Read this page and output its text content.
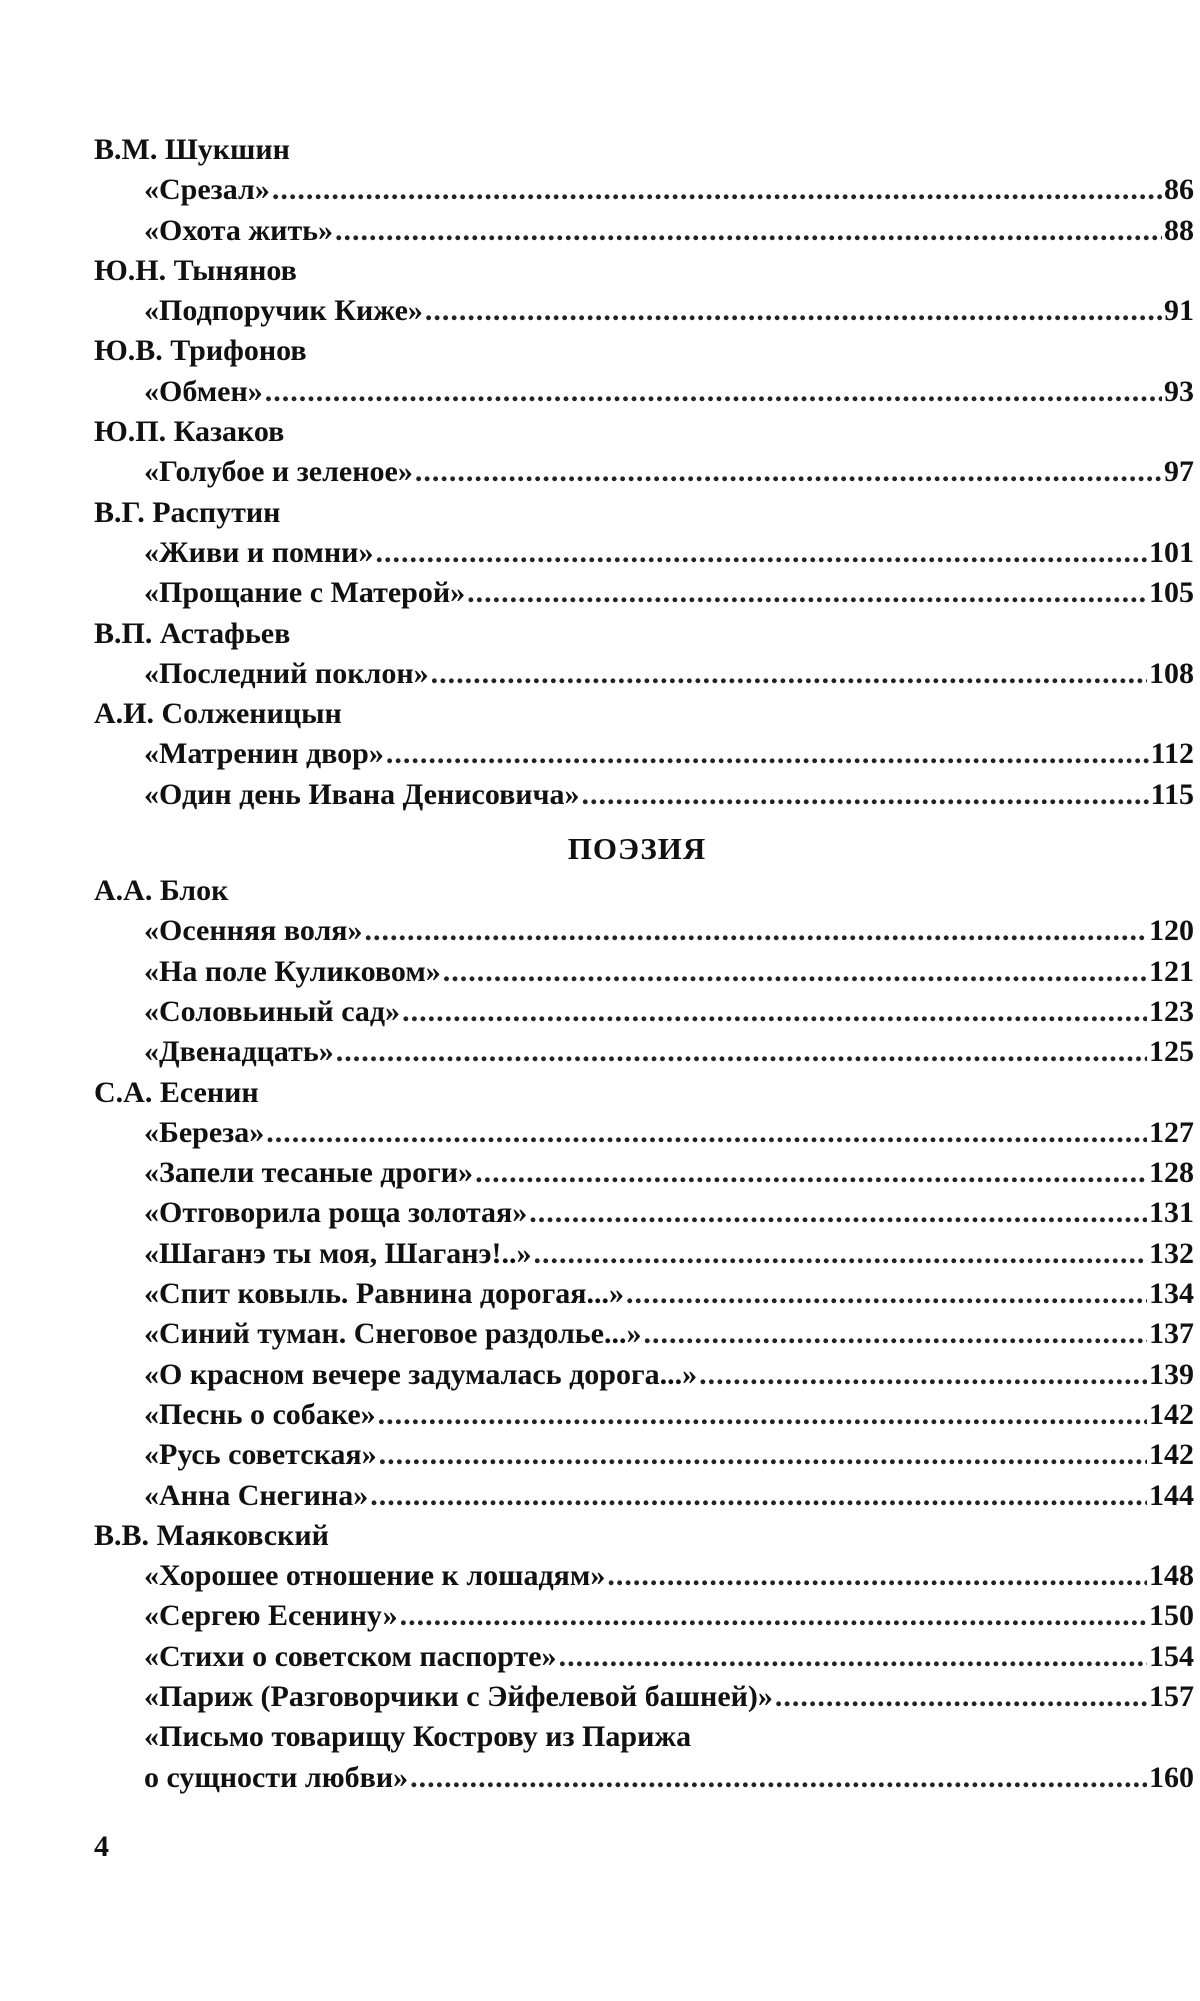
В.М. Шукшин
«Срезал» .....	86
«Охота жить» .....	88
Ю.Н. Тынянов
«Подпоручик Киже» .....	91
Ю.В. Трифонов
«Обмен» .....	93
Ю.П. Казаков
«Голубое и зеленое» .....	97
В.Г. Распутин
«Живи и помни» .....	101
«Прощание с Матерой» .....	105
В.П. Астафьев
«Последний поклон» .....	108
А.И. Солженицын
«Матренин двор» .....	112
«Один день Ивана Денисовича» .....	115
ПОЭЗИЯ
А.А. Блок
«Осенняя воля» .....	120
«На поле Куликовом» .....	121
«Соловьиный сад» .....	123
«Двенадцать» .....	125
С.А. Есенин
«Береза» .....	127
«Запели тесаные дроги» .....	128
«Отговорила роща золотая» .....	131
«Шаганэ ты моя, Шаганэ!..» .....	132
«Спит ковыль. Равнина дорогая...» .....	134
«Синий туман. Снеговое раздолье...» .....	137
«О красном вечере задумалась дорога...» .....	139
«Песнь о собаке» .....	142
«Русь советская» .....	142
«Анна Снегина» .....	144
В.В. Маяковский
«Хорошее отношение к лошадям» .....	148
«Сергею Есенину» .....	150
«Стихи о советском паспорте» .....	154
«Париж (Разговорчики с Эйфелевой башней)» .....	157
«Письмо товарищу Кострову из Парижа
о сущности любви» .....	160
4
